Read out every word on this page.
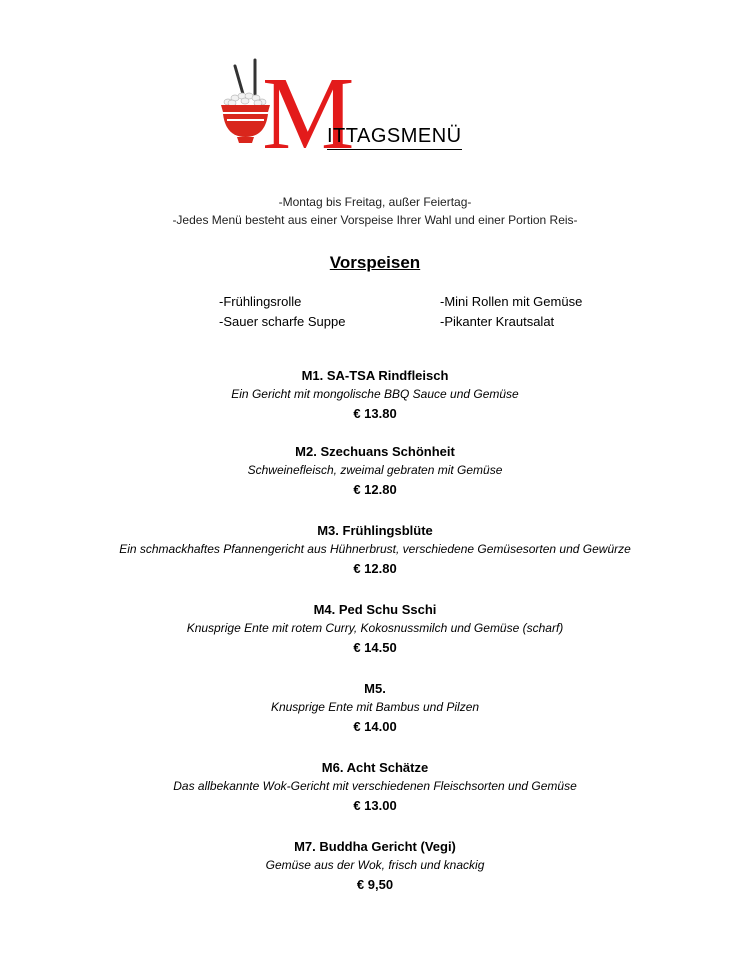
M
ITTAGSMENÜ
-Montag bis Freitag, außer Feiertag-
-Jedes Menü besteht aus einer Vorspeise Ihrer Wahl und einer Portion Reis-
Vorspeisen
-Frühlingsrolle	-Mini Rollen mit Gemüse
-Sauer scharfe Suppe	-Pikanter Krautsalat
M1. SA-TSA Rindfleisch
Ein Gericht mit mongolische BBQ Sauce und Gemüse
€ 13.80
M2. Szechuans Schönheit
Schweinefleisch, zweimal gebraten mit Gemüse
€ 12.80
M3. Frühlingsblüte
Ein schmackhaftes Pfannengericht aus Hühnerbrust, verschiedene Gemüsesorten und Gewürze
€ 12.80
M4. Ped Schu Sschi
Knusprige Ente mit rotem Curry, Kokosnussmilch und Gemüse (scharf)
€ 14.50
M5.
Knusprige Ente mit Bambus und Pilzen
€ 14.00
M6. Acht Schätze
Das allbekannte Wok-Gericht mit verschiedenen Fleischsorten und Gemüse
€ 13.00
M7. Buddha Gericht (Vegi)
Gemüse aus der Wok, frisch und knackig
€ 9,50
